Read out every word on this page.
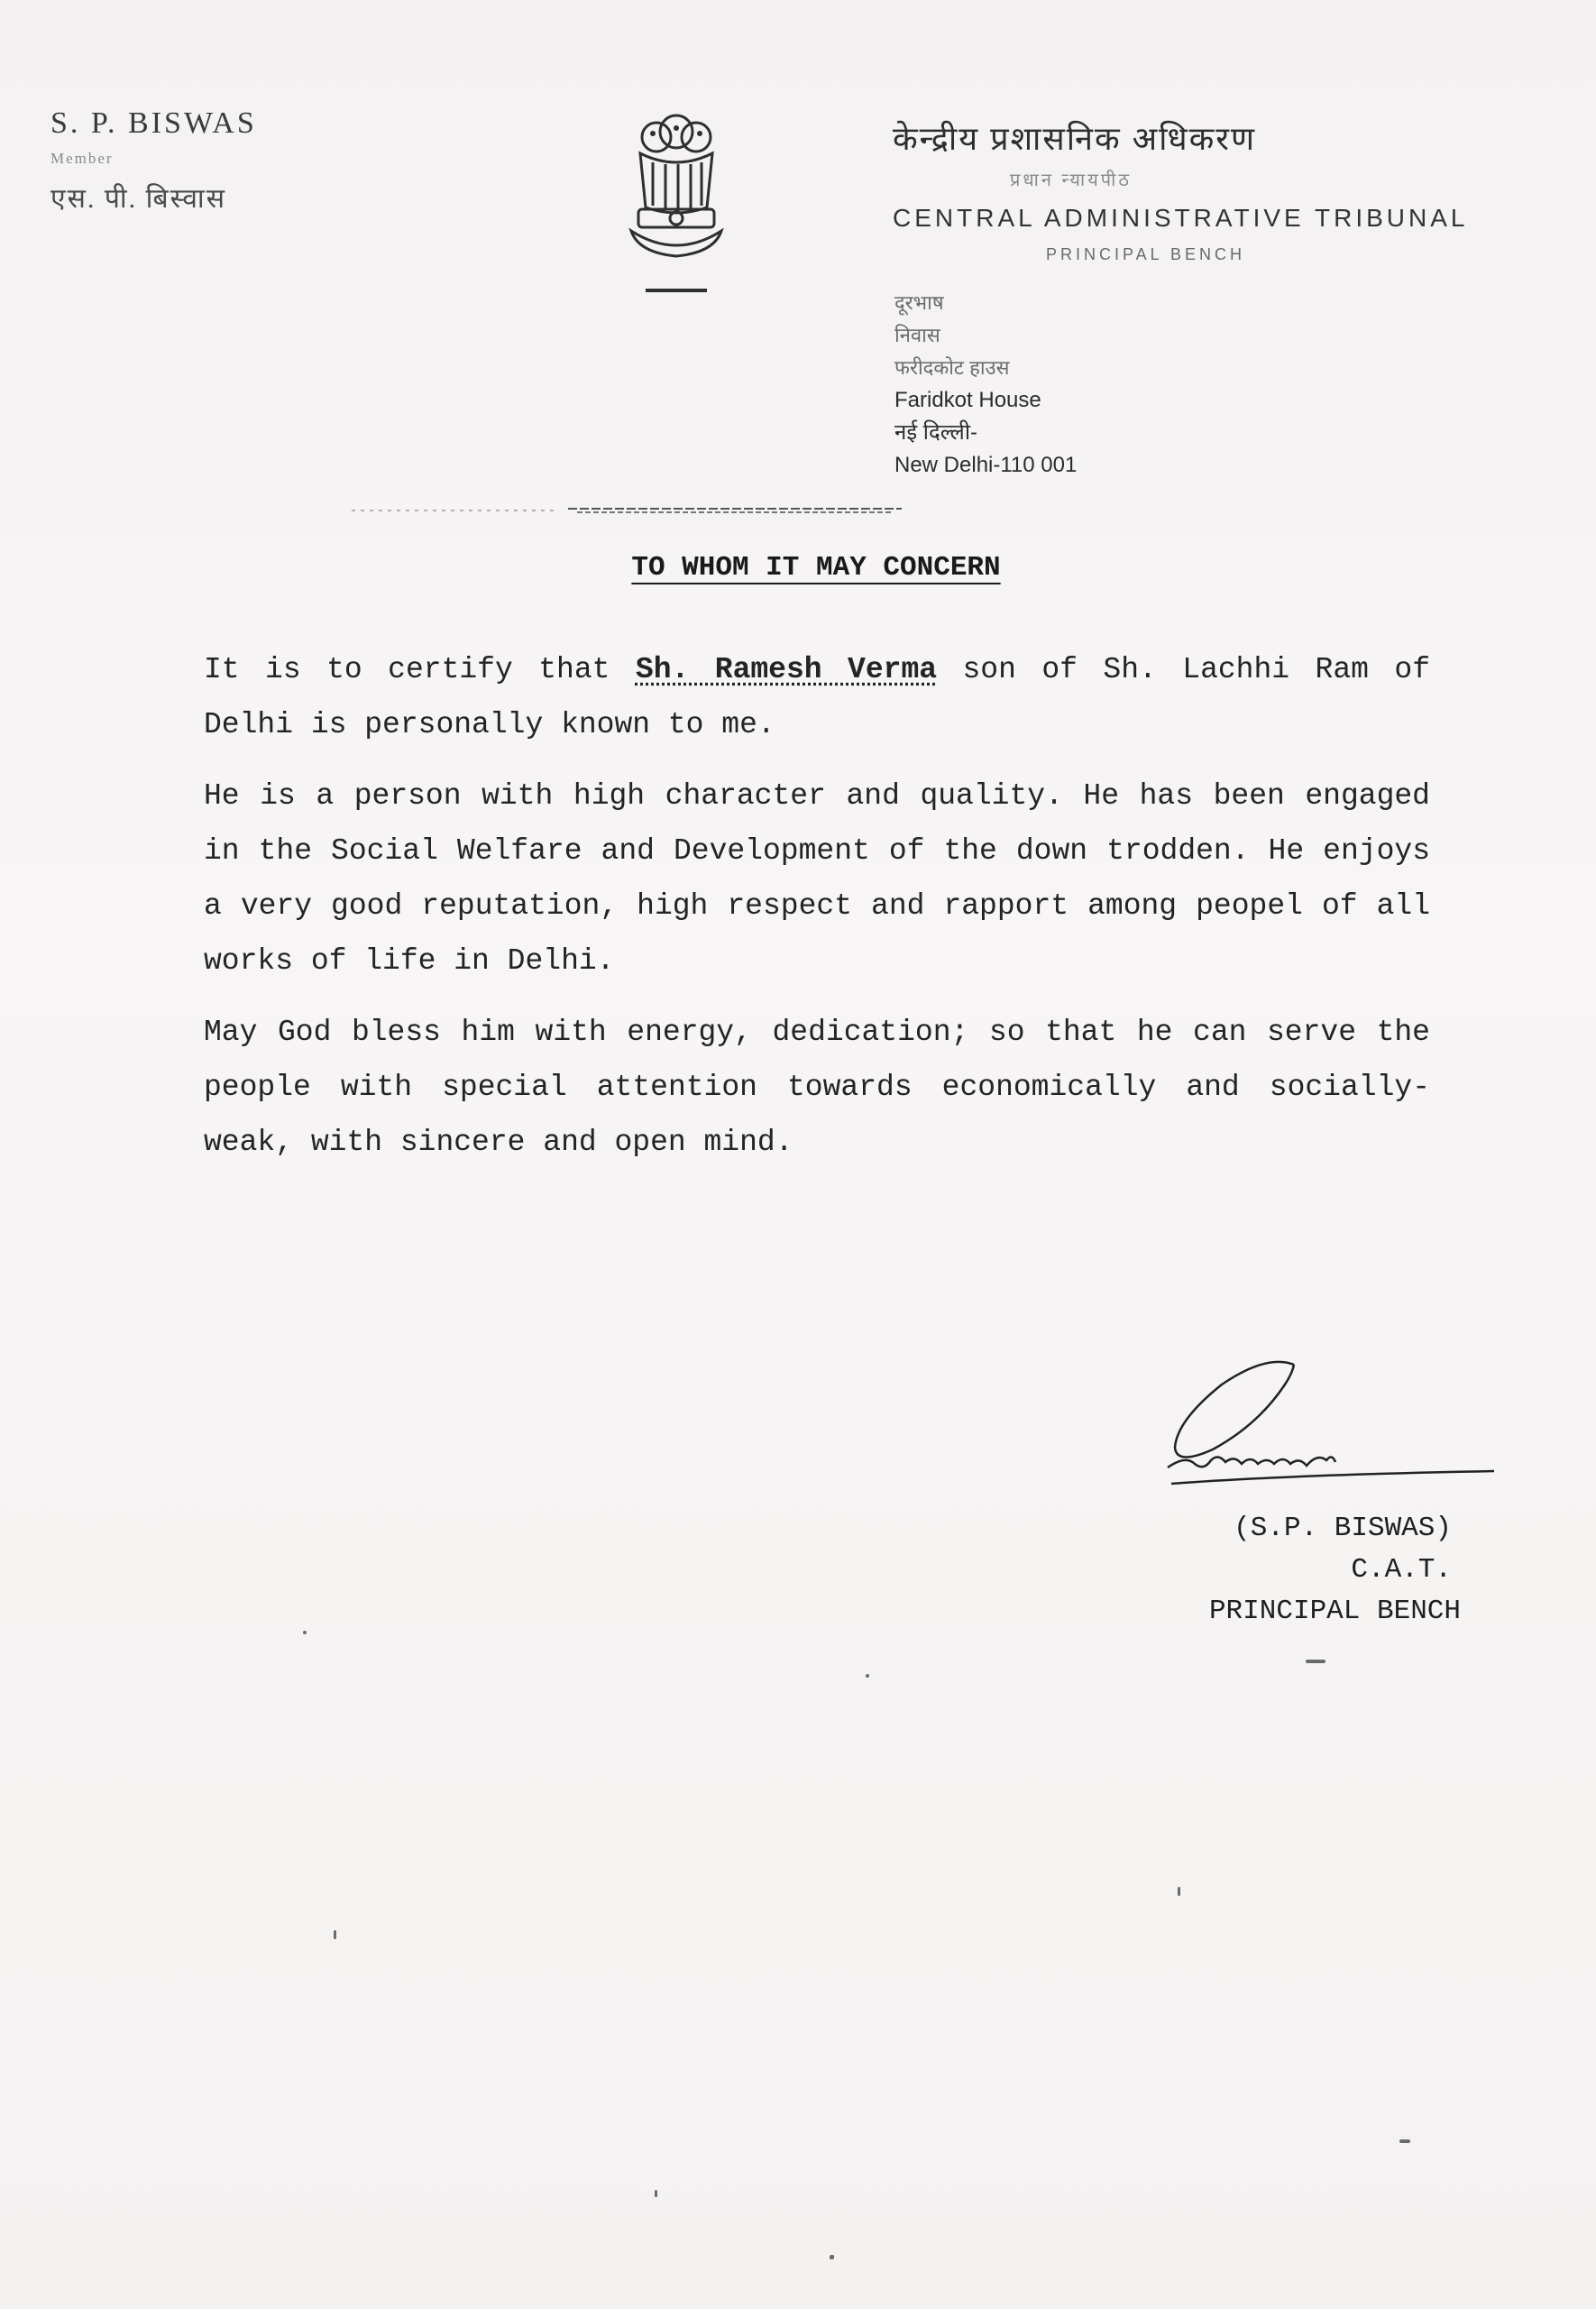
S. P. BISWAS
Member
एस. पी. बिस्वास
केन्द्रीय प्रशासनिक अधिकरण
प्रधान न्यायपीठ
CENTRAL ADMINISTRATIVE TRIBUNAL
PRINCIPAL BENCH
दूरभाष
निवास
फरीदकोट हाउस
Faridkot House
नई दिल्ली-
New Delhi-110 001
TO WHOM IT MAY CONCERN

It is to certify that Sh. Ramesh Verma son of Sh. Lachhi Ram of Delhi is personally known to me.

He is a person with high character and quality. He has been engaged in the Social Welfare and Development of the down trodden. He enjoys a very good reputation, high respect and rapport among peopel of all works of life in Delhi.

May God bless him with energy, dedication; so that he can serve the people with special attention towards economically and socially-weak, with sincere and open mind.

(S.P. BISWAS)
C.A.T.
PRINCIPAL BENCH
